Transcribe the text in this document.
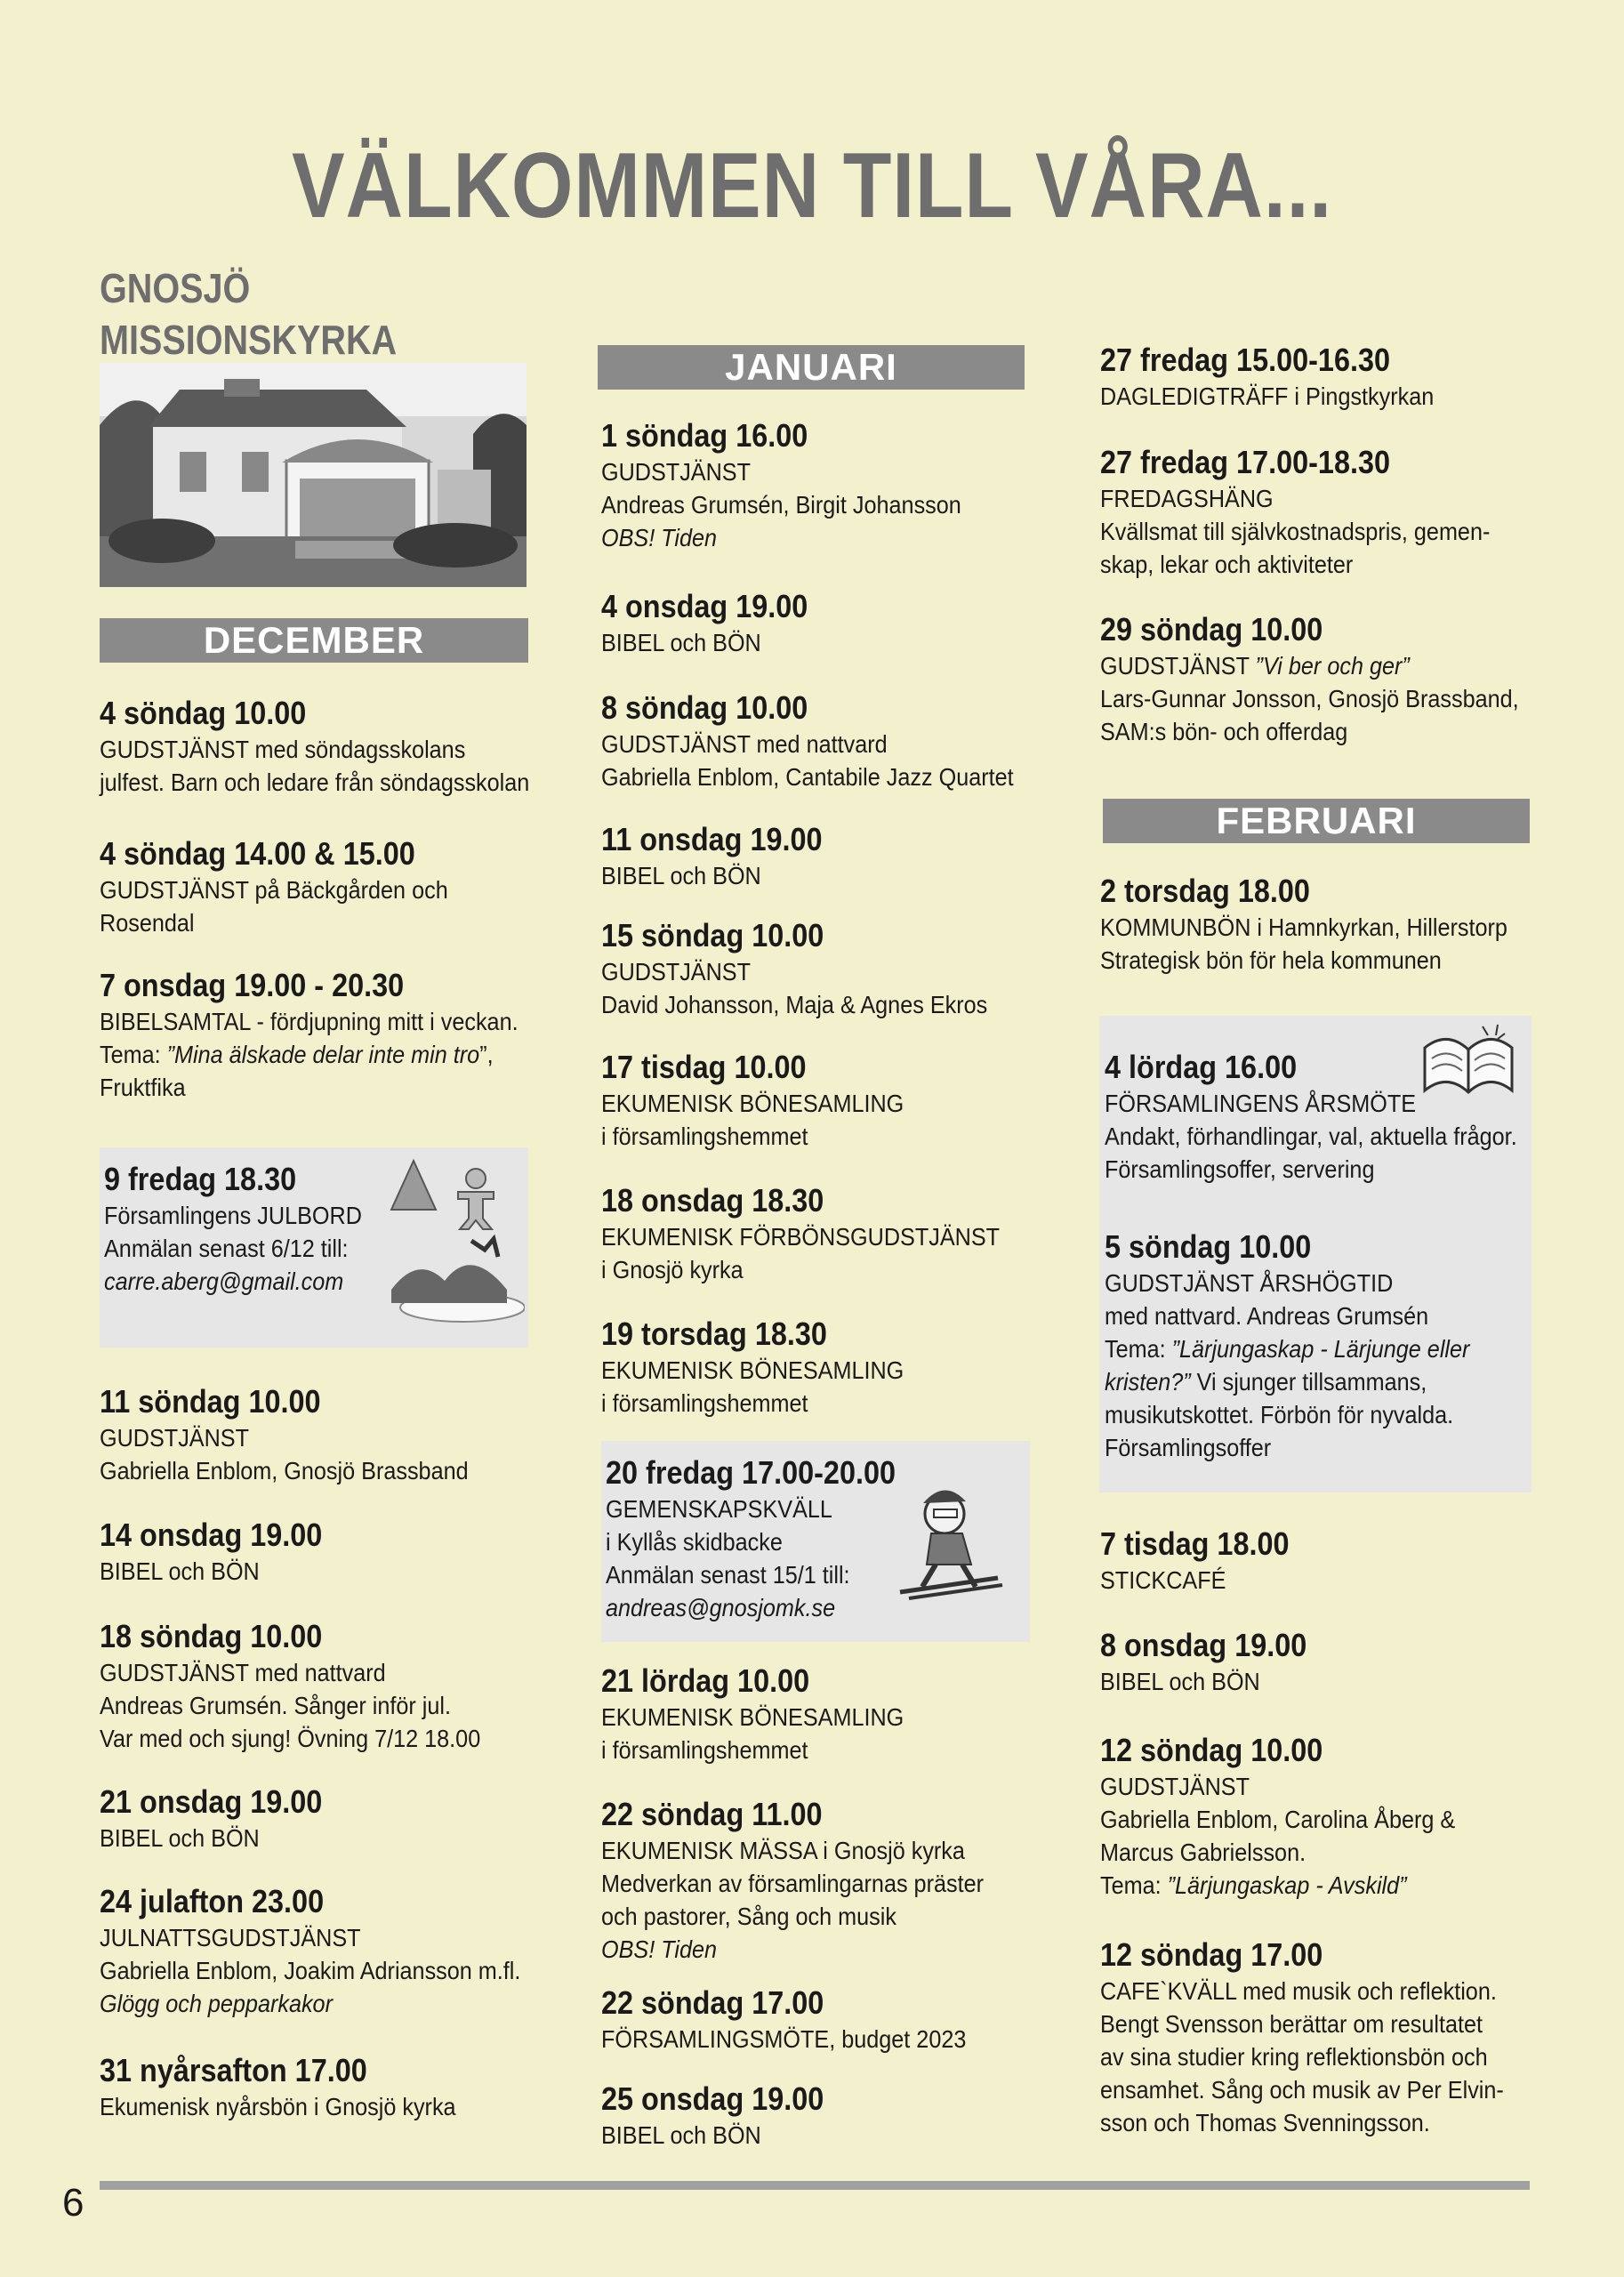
VÄLKOMMEN TILL VÅRA...
GNOSJÖ
MISSIONSKYRKA
DECEMBER
4 söndag 10.00
GUDSTJÄNST med söndagsskolans
julfest. Barn och ledare från söndagsskolan
4 söndag 14.00 & 15.00
GUDSTJÄNST på Bäckgården och
Rosendal
7 onsdag 19.00 - 20.30
BIBELSAMTAL - fördjupning mitt i veckan.
Tema: ”Mina älskade delar inte min tro”,
Fruktfika
9 fredag 18.30
Församlingens JULBORD
Anmälan senast 6/12 till:
carre.aberg@gmail.com
11 söndag 10.00
GUDSTJÄNST
Gabriella Enblom, Gnosjö Brassband
14 onsdag 19.00
BIBEL och BÖN
18 söndag 10.00
GUDSTJÄNST med nattvard
Andreas Grumsén. Sånger inför jul.
Var med och sjung! Övning 7/12 18.00
21 onsdag 19.00
BIBEL och BÖN
24 julafton 23.00
JULNATTSGUDSTJÄNST
Gabriella Enblom, Joakim Adriansson m.fl.
Glögg och pepparkakor
31 nyårsafton 17.00
Ekumenisk nyårsbön i Gnosjö kyrka
JANUARI
1 söndag 16.00
GUDSTJÄNST
Andreas Grumsén, Birgit Johansson
OBS! Tiden
4 onsdag 19.00
BIBEL och BÖN
8 söndag 10.00
GUDSTJÄNST med nattvard
Gabriella Enblom, Cantabile Jazz Quartet
11 onsdag 19.00
BIBEL och BÖN
15 söndag 10.00
GUDSTJÄNST
David Johansson, Maja & Agnes Ekros
17 tisdag 10.00
EKUMENISK BÖNESAMLING
i församlingshemmet
18 onsdag 18.30
EKUMENISK FÖRBÖNSGUDSTJÄNST
i Gnosjö kyrka
19 torsdag 18.30
EKUMENISK BÖNESAMLING
i församlingshemmet
20 fredag 17.00-20.00
GEMENSKAPSKVÄLL
i Kyllås skidbacke
Anmälan senast 15/1 till:
andreas@gnosjomk.se
21 lördag 10.00
EKUMENISK BÖNESAMLING
i församlingshemmet
22 söndag 11.00
EKUMENISK MÄSSA i Gnosjö kyrka
Medverkan av församlingarnas präster
och pastorer, Sång och musik
OBS! Tiden
22 söndag 17.00
FÖRSAMLINGSMÖTE, budget 2023
25 onsdag 19.00
BIBEL och BÖN
27 fredag 15.00-16.30
DAGLEDIGTRÄFF i Pingstkyrkan
27 fredag 17.00-18.30
FREDAGSHÄNG
Kvällsmat till självkostnadspris, gemen-
skap, lekar och aktiviteter
29 söndag 10.00
GUDSTJÄNST ”Vi ber och ger”
Lars-Gunnar Jonsson, Gnosjö Brassband,
SAM:s bön- och offerdag
FEBRUARI
2 torsdag 18.00
KOMMUNBÖN i Hamnkyrkan, Hillerstorp
Strategisk bön för hela kommunen
4 lördag 16.00
FÖRSAMLINGENS ÅRSMÖTE
Andakt, förhandlingar, val, aktuella frågor.
Församlingsoffer, servering
5 söndag 10.00
GUDSTJÄNST ÅRSHÖGTID
med nattvard. Andreas Grumsén
Tema: ”Lärjungaskap - Lärjunge eller
kristen?” Vi sjunger tillsammans,
musikutskottet. Förbön för nyvalda.
Församlingsoffer
7 tisdag 18.00
STICKCAFÉ
8 onsdag 19.00
BIBEL och BÖN
12 söndag 10.00
GUDSTJÄNST
Gabriella Enblom, Carolina Åberg &
Marcus Gabrielsson.
Tema: ”Lärjungaskap - Avskild”
12 söndag 17.00
CAFE`KVÄLL med musik och reflektion.
Bengt Svensson berättar om resultatet
av sina studier kring reflektionsbön och
ensamhet. Sång och musik av Per Elvin-
sson och Thomas Svenningsson.
6
